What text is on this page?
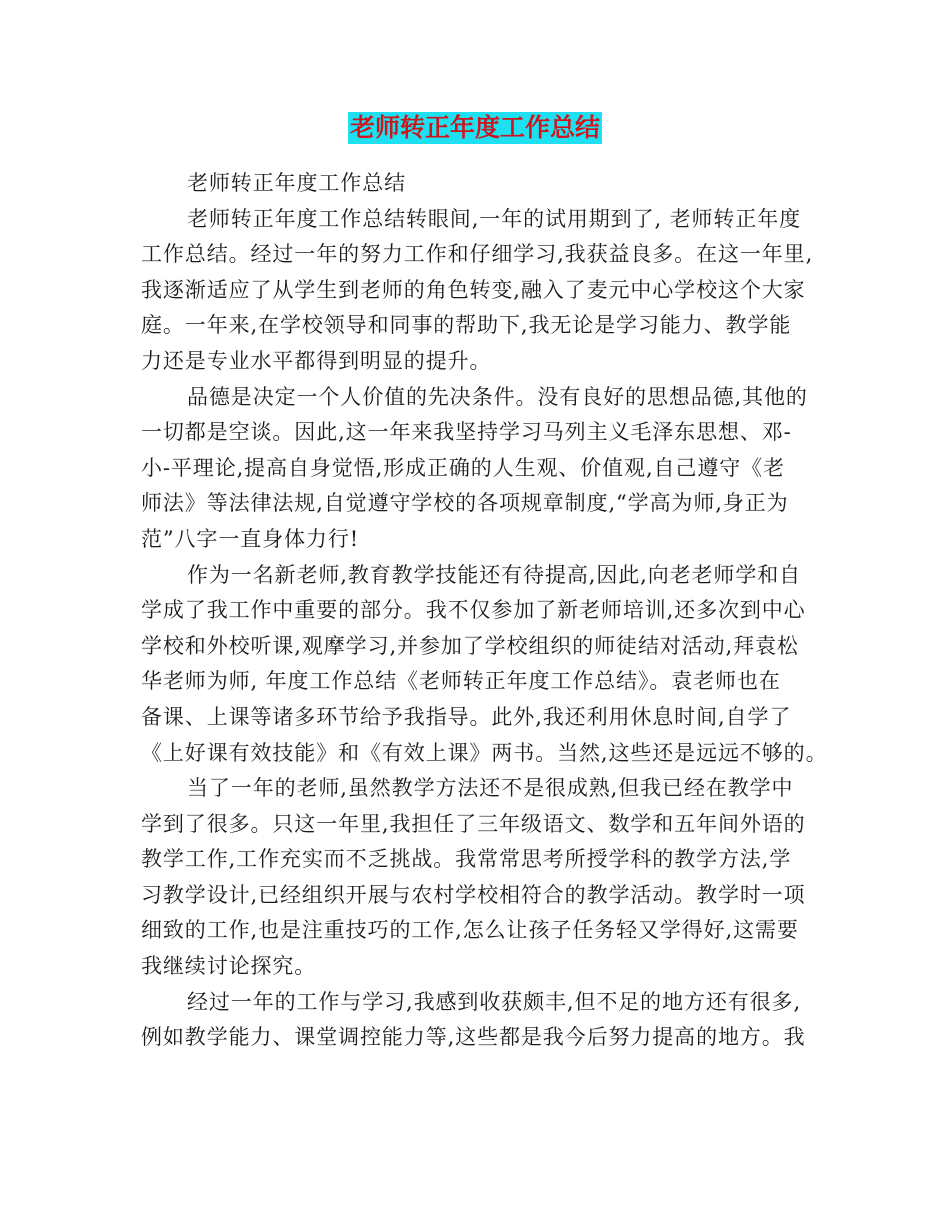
老师转正年度工作总结
老师转正年度工作总结
老师转正年度工作总结转眼间,一年的试用期到了, 老师转正年度
工作总结。经过一年的努力工作和仔细学习,我获益良多。在这一年里,
我逐渐适应了从学生到老师的角色转变,融入了麦元中心学校这个大家
庭。一年来,在学校领导和同事的帮助下,我无论是学习能力、教学能
力还是专业水平都得到明显的提升。
品德是决定一个人价值的先决条件。没有良好的思想品德,其他的
一切都是空谈。因此,这一年来我坚持学习马列主义毛泽东思想、邓-
小-平理论,提高自身觉悟,形成正确的人生观、价值观,自己遵守《老
师法》等法律法规,自觉遵守学校的各项规章制度,“学高为师,身正为
范”八字一直身体力行!
作为一名新老师,教育教学技能还有待提高,因此,向老老师学和自
学成了我工作中重要的部分。我不仅参加了新老师培训,还多次到中心
学校和外校听课,观摩学习,并参加了学校组织的师徒结对活动,拜袁松
华老师为师, 年度工作总结《老师转正年度工作总结》。袁老师也在
备课、上课等诸多环节给予我指导。此外,我还利用休息时间,自学了
《上好课有效技能》和《有效上课》两书。当然,这些还是远远不够的。
当了一年的老师,虽然教学方法还不是很成熟,但我已经在教学中
学到了很多。只这一年里,我担任了三年级语文、数学和五年间外语的
教学工作,工作充实而不乏挑战。我常常思考所授学科的教学方法,学
习教学设计,已经组织开展与农村学校相符合的教学活动。教学时一项
细致的工作,也是注重技巧的工作,怎么让孩子任务轻又学得好,这需要
我继续讨论探究。
经过一年的工作与学习,我感到收获颇丰,但不足的地方还有很多,
例如教学能力、课堂调控能力等,这些都是我今后努力提高的地方。我
